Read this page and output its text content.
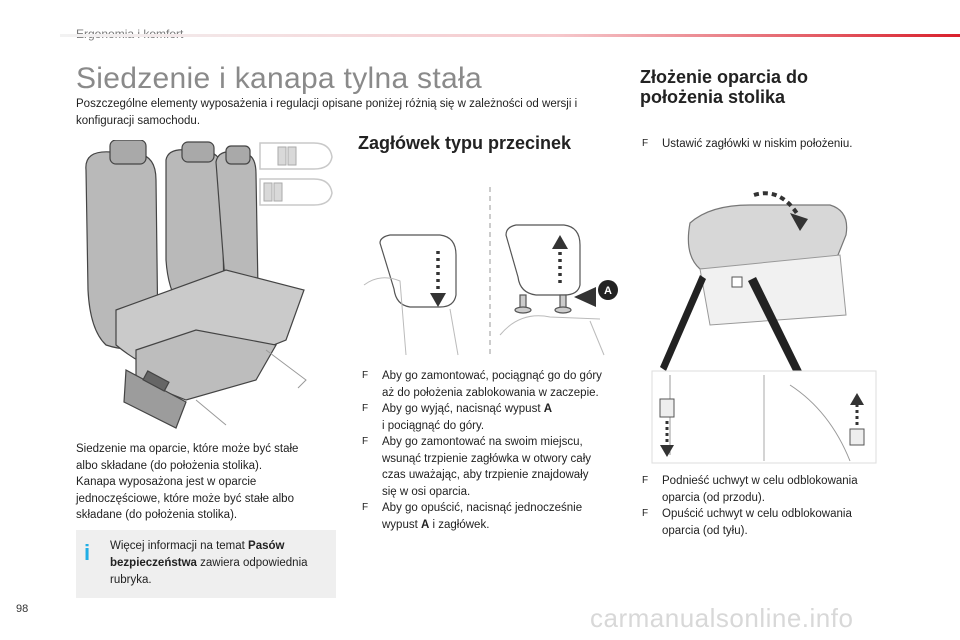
Siedzenie i kanapa tylna stała
Poszczególne elementy wyposażenia i regulacji opisane poniżej różnią się w zależności od wersji i konfiguracji samochodu.
Siedzenie ma oparcie, które może być stałe
albo składane (do położenia stolika).
Kanapa wyposażona jest w oparcie
jednoczęściowe, które może być stałe albo
składane (do położenia stolika).
i	Więcej informacji na temat Pasów bezpieczeństwa zawiera odpowiednia rubryka.
Zagłówek typu przecinek
A
F Aby go zamontować, pociągnąć go do góry
aż do położenia zablokowania w zaczepie.
F Aby go wyjąć, nacisnąć wypust A
i pociągnąć do góry.
F Aby go zamontować na swoim miejscu,
wsunąć trzpienie zagłówka w otwory cały
czas uważając, aby trzpienie znajdowały
się w osi oparcia.
F Aby go opuścić, nacisnąć jednocześnie
wypust A i zagłówek.
Złożenie oparcia do
położenia stolika
F Ustawić zagłówki w niskim położeniu.
F Podnieść uchwyt w celu odblokowania
oparcia (od przodu).
F Opuścić uchwyt w celu odblokowania
oparcia (od tyłu).
98	carmanualsonline.info
